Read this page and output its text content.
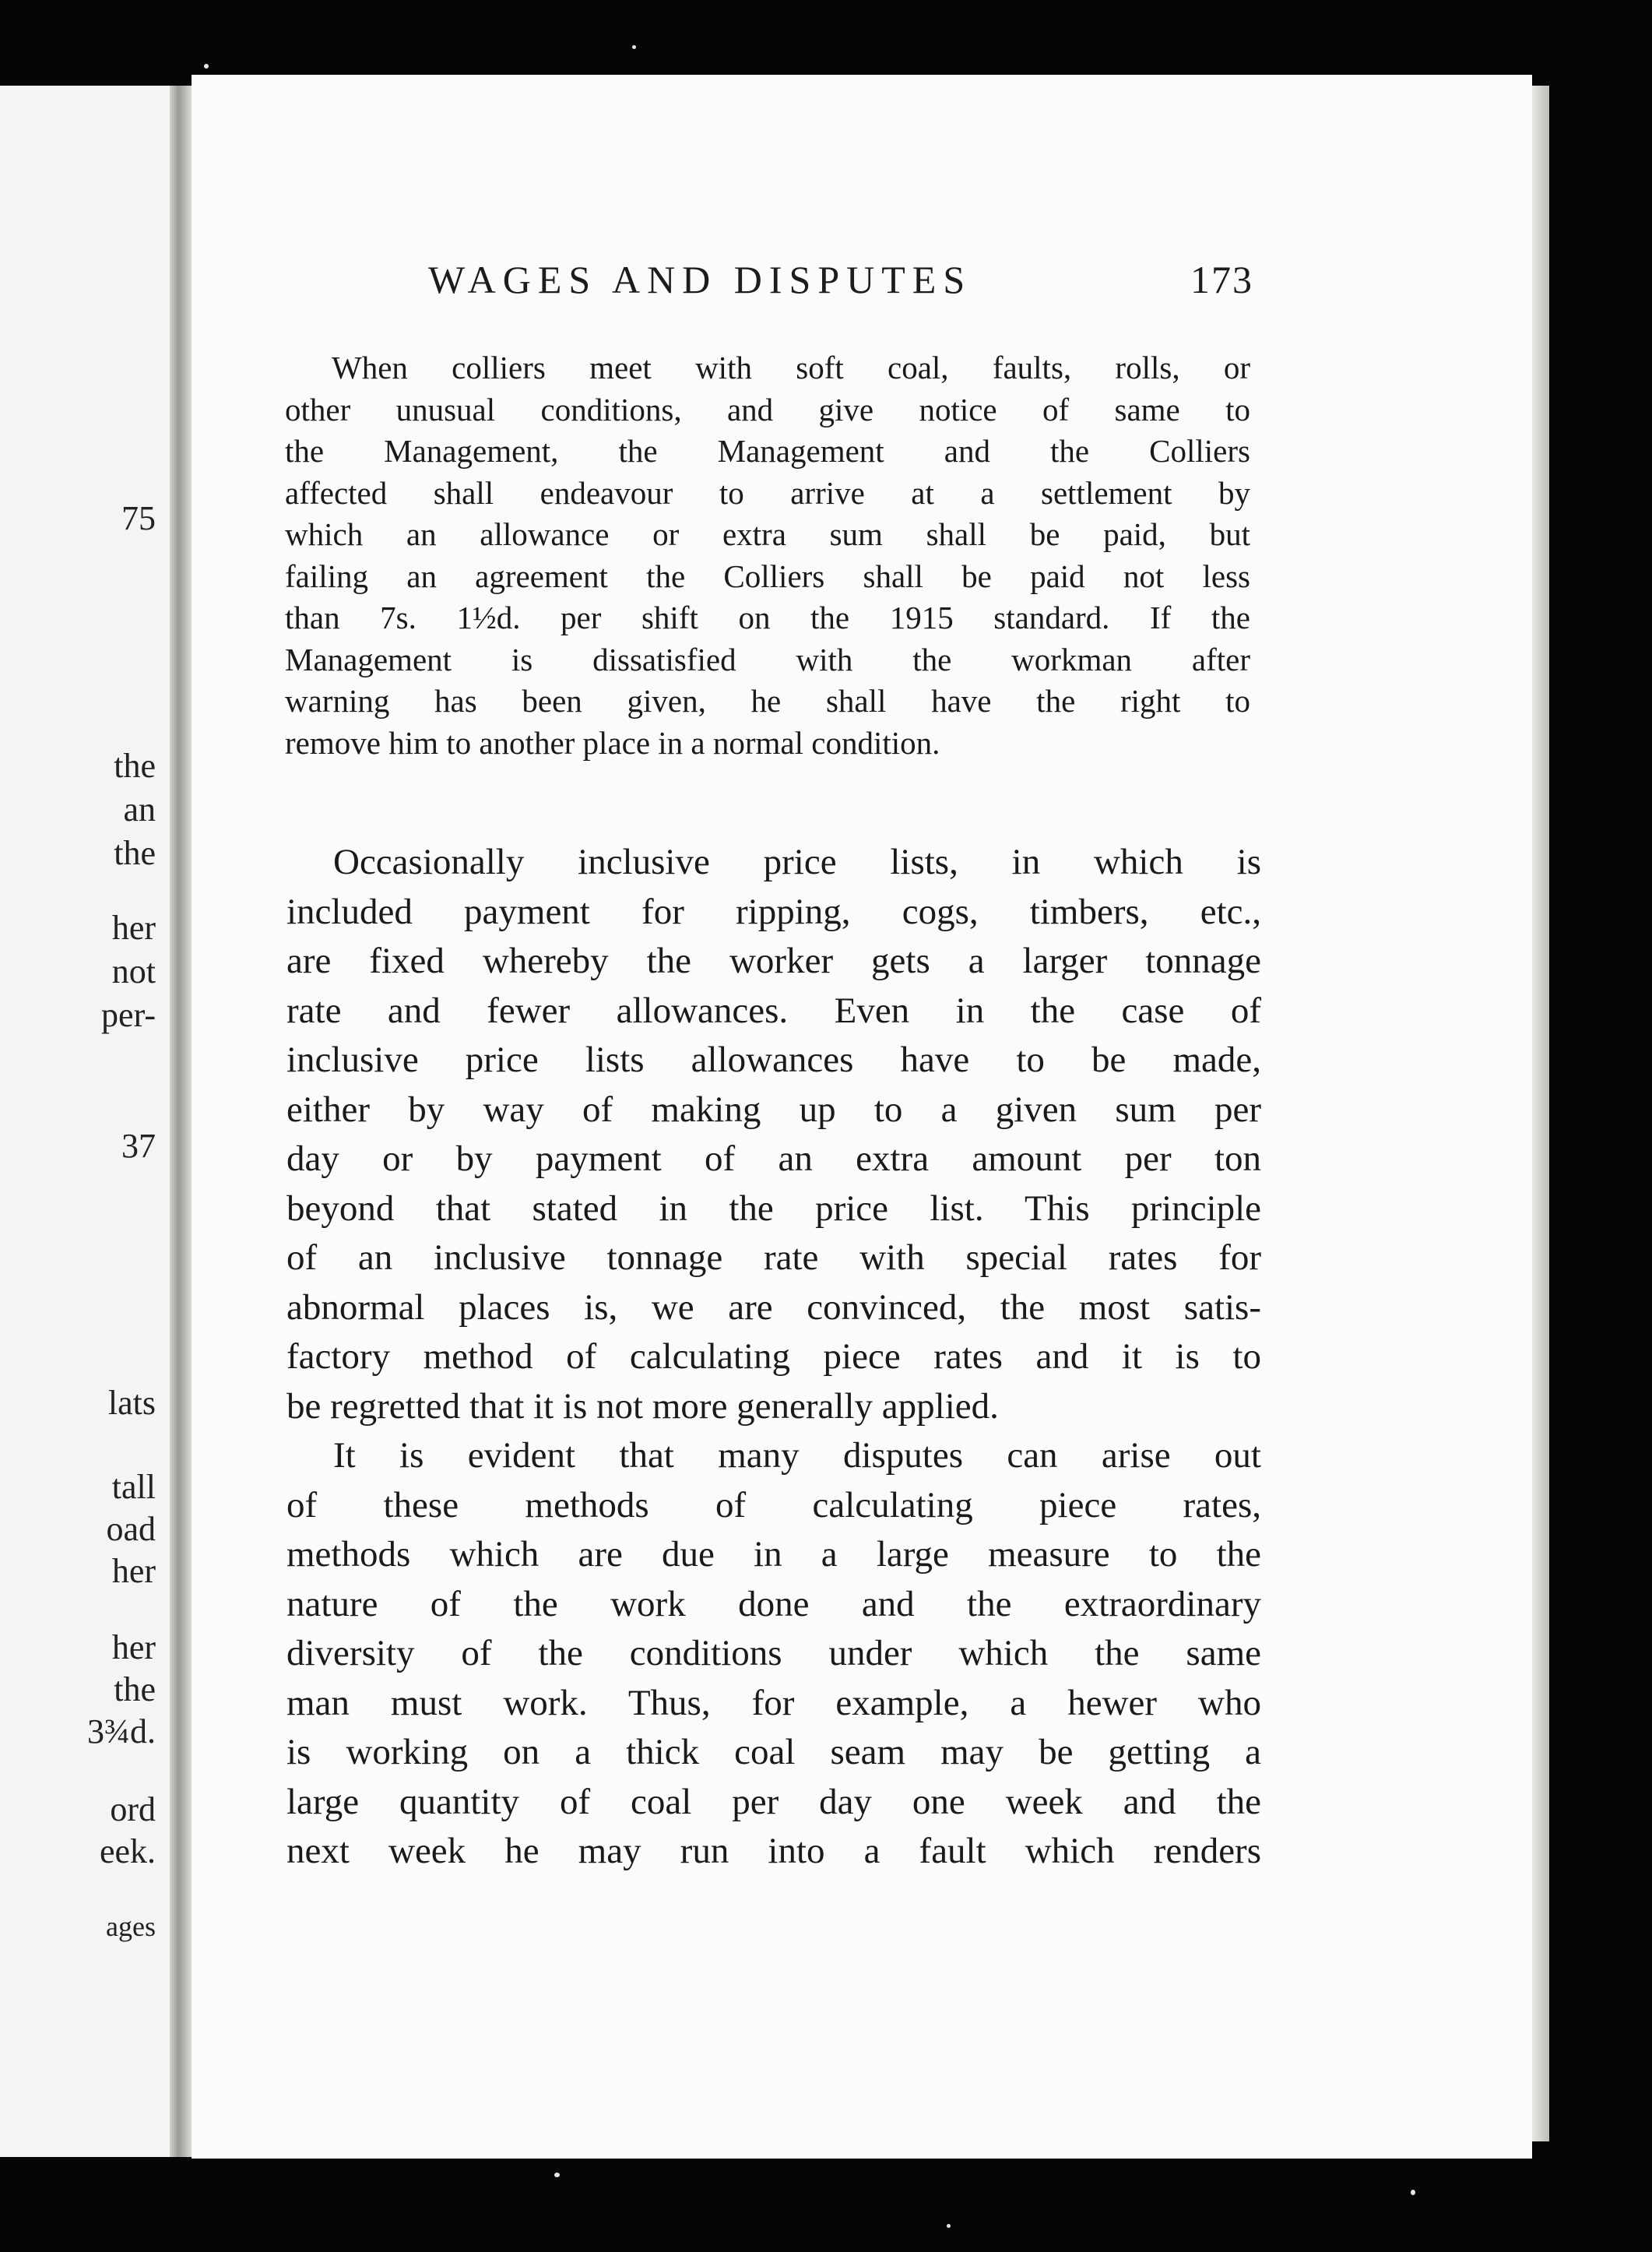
75
the
an
the
her
not
per-
37
lats
tall
oad
her
her
the
3¾d.
ord
eek.
ages
WAGES AND DISPUTES	173
When colliers meet with soft coal, faults, rolls, or
other unusual conditions, and give notice of same to
the Management, the Management and the Colliers
affected shall endeavour to arrive at a settlement by
which an allowance or extra sum shall be paid, but
failing an agreement the Colliers shall be paid not less
than 7s. 1½d. per shift on the 1915 standard. If the
Management is dissatisfied with the workman after
warning has been given, he shall have the right to
remove him to another place in a normal condition.
Occasionally inclusive price lists, in which is
included payment for ripping, cogs, timbers, etc.,
are fixed whereby the worker gets a larger tonnage
rate and fewer allowances. Even in the case of
inclusive price lists allowances have to be made,
either by way of making up to a given sum per
day or by payment of an extra amount per ton
beyond that stated in the price list. This principle
of an inclusive tonnage rate with special rates for
abnormal places is, we are convinced, the most satis-
factory method of calculating piece rates and it is to
be regretted that it is not more generally applied.
It is evident that many disputes can arise out
of these methods of calculating piece rates,
methods which are due in a large measure to the
nature of the work done and the extraordinary
diversity of the conditions under which the same
man must work. Thus, for example, a hewer who
is working on a thick coal seam may be getting a
large quantity of coal per day one week and the
next week he may run into a fault which renders
